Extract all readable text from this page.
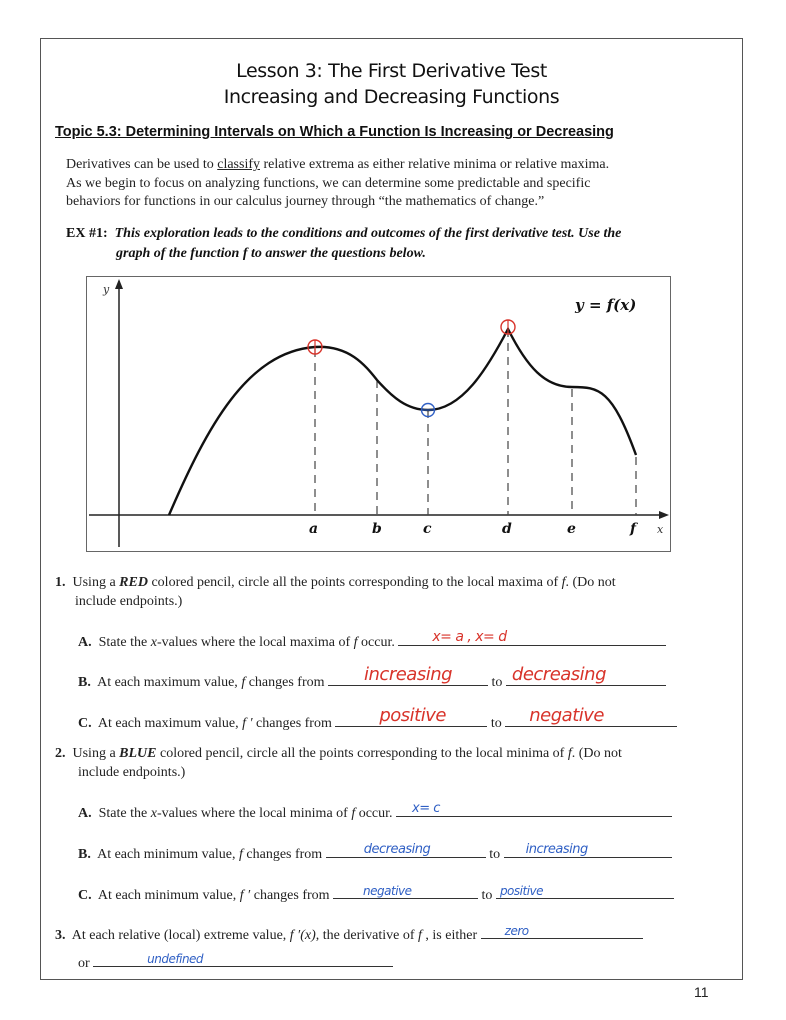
Lesson 3: The First Derivative Test
Increasing and Decreasing Functions
Topic 5.3: Determining Intervals on Which a Function Is Increasing or Decreasing
Derivatives can be used to classify relative extrema as either relative minima or relative maxima.
As we begin to focus on analyzing functions, we can determine some predictable and specific
behaviors for functions in our calculus journey through “the mathematics of change.”
EX #1: This exploration leads to the conditions and outcomes of the first derivative test. Use the
graph of the function f to answer the questions below.
y
x
y = f(x)
a	b	c	d	e	f
1. Using a RED colored pencil, circle all the points corresponding to the local maxima of f. (Do not
include endpoints.)
A. State the x-values where the local maxima of f occur.	x= a , x= d
B. At each maximum value, f changes from increasing	to decreasing
C. At each maximum value, f ′ changes from	positive	to negative
2. Using a BLUE colored pencil, circle all the points corresponding to the local minima of f. (Do not
include endpoints.)
A. State the x-values where the local minima of f occur. x= c
B. At each minimum value, f changes from	decreasing	to increasing
C. At each minimum value, f ′ changes from	negative	to positive
3. At each relative (local) extreme value, f ′(x), the derivative of f , is either zero
or	undefined
11
